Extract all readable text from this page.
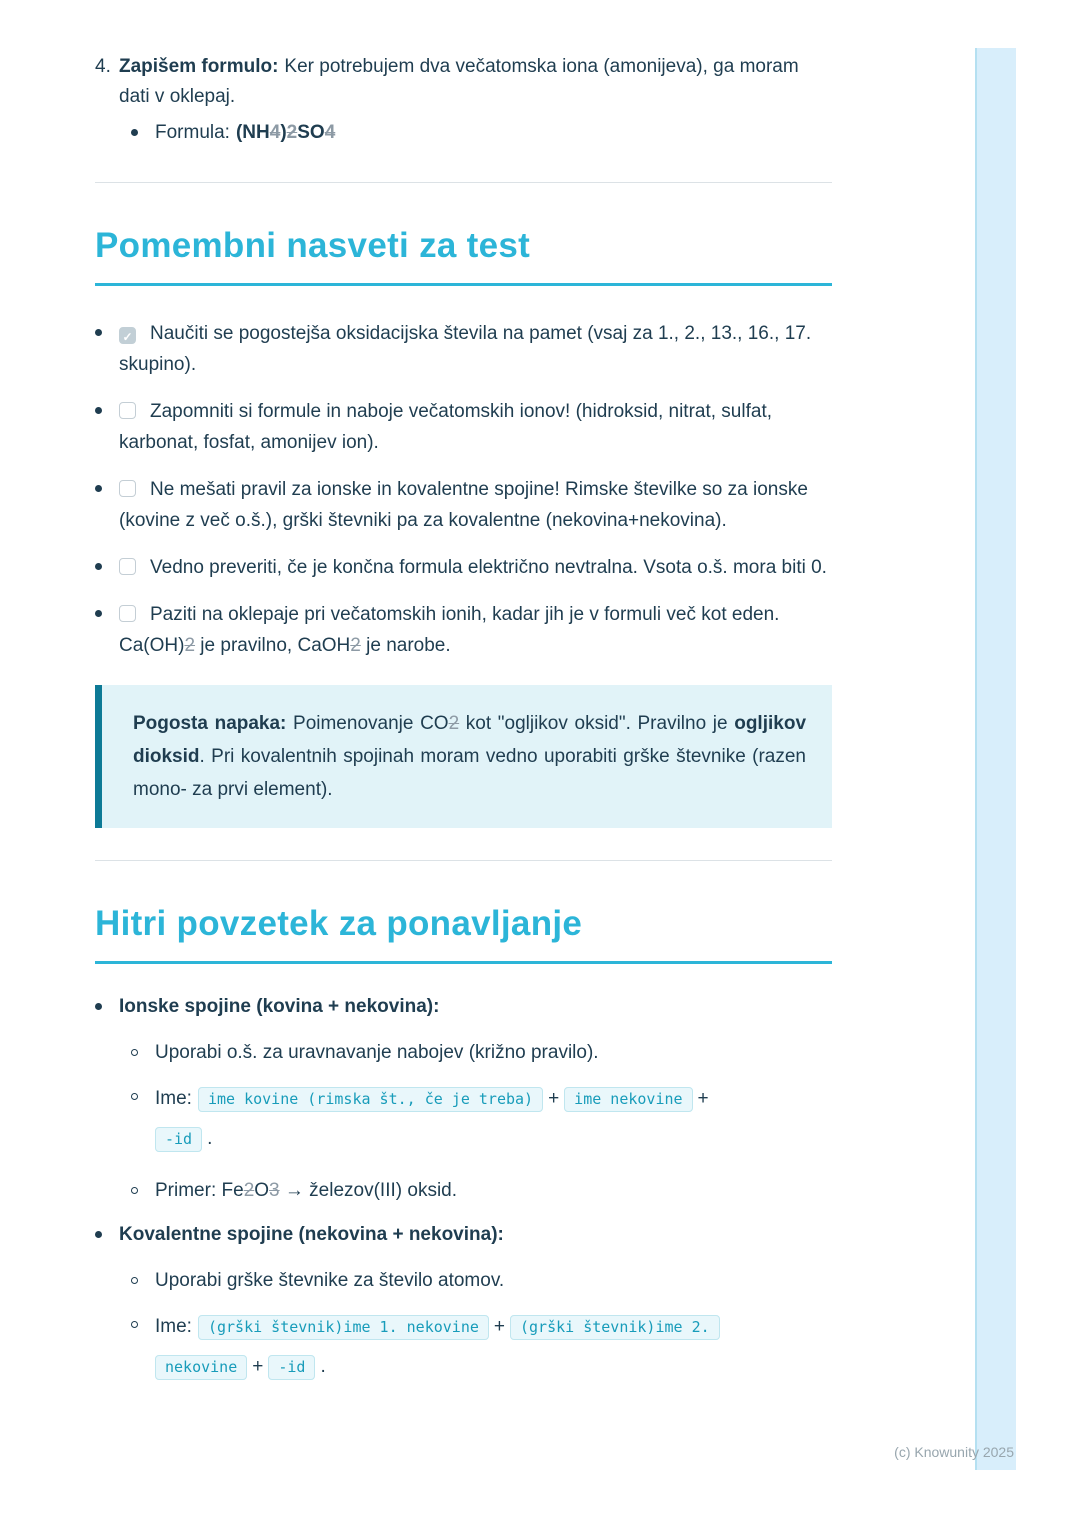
4. Zapišem formulo: Ker potrebujem dva večatomska iona (amonijeva), ga moram dati v oklepaj.

Formula: (NH4)2SO4
Pomembni nasveti za test
✓Naučiti se pogostejša oksidacijska števila na pamet (vsaj za 1., 2., 13., 16., 17. skupino).
Zapomniti si formule in naboje večatomskih ionov! (hidroksid, nitrat, sulfat, karbonat, fosfat, amonijev ion).
Ne mešati pravil za ionske in kovalentne spojine! Rimske številke so za ionske (kovine z več o.š.), grški števniki pa za kovalentne (nekovina+nekovina).
Vedno preveriti, če je končna formula električno nevtralna. Vsota o.š. mora biti 0.
Paziti na oklepaje pri večatomskih ionih, kadar jih je v formuli več kot eden. Ca(OH)2 je pravilno, CaOH2 je narobe.
Pogosta napaka: Poimenovanje CO2 kot "ogljikov oksid". Pravilno je ogljikov dioksid. Pri kovalentnih spojinah moram vedno uporabiti grške števnike (razen mono- za prvi element).
Hitri povzetek za ponavljanje
Ionske spojine (kovina + nekovina):
Uporabi o.š. za uravnavanje nabojev (križno pravilo).
Ime: ime kovine (rimska št., če je treba) + ime nekovine +
-id .
Primer: Fe2O3 → železov(III) oksid.
Kovalentne spojine (nekovina + nekovina):
Uporabi grške števnike za število atomov.
Ime: (grški števnik)ime 1. nekovine + (grški števnik)ime 2.
nekovine + -id .
(c) Knowunity 2025
